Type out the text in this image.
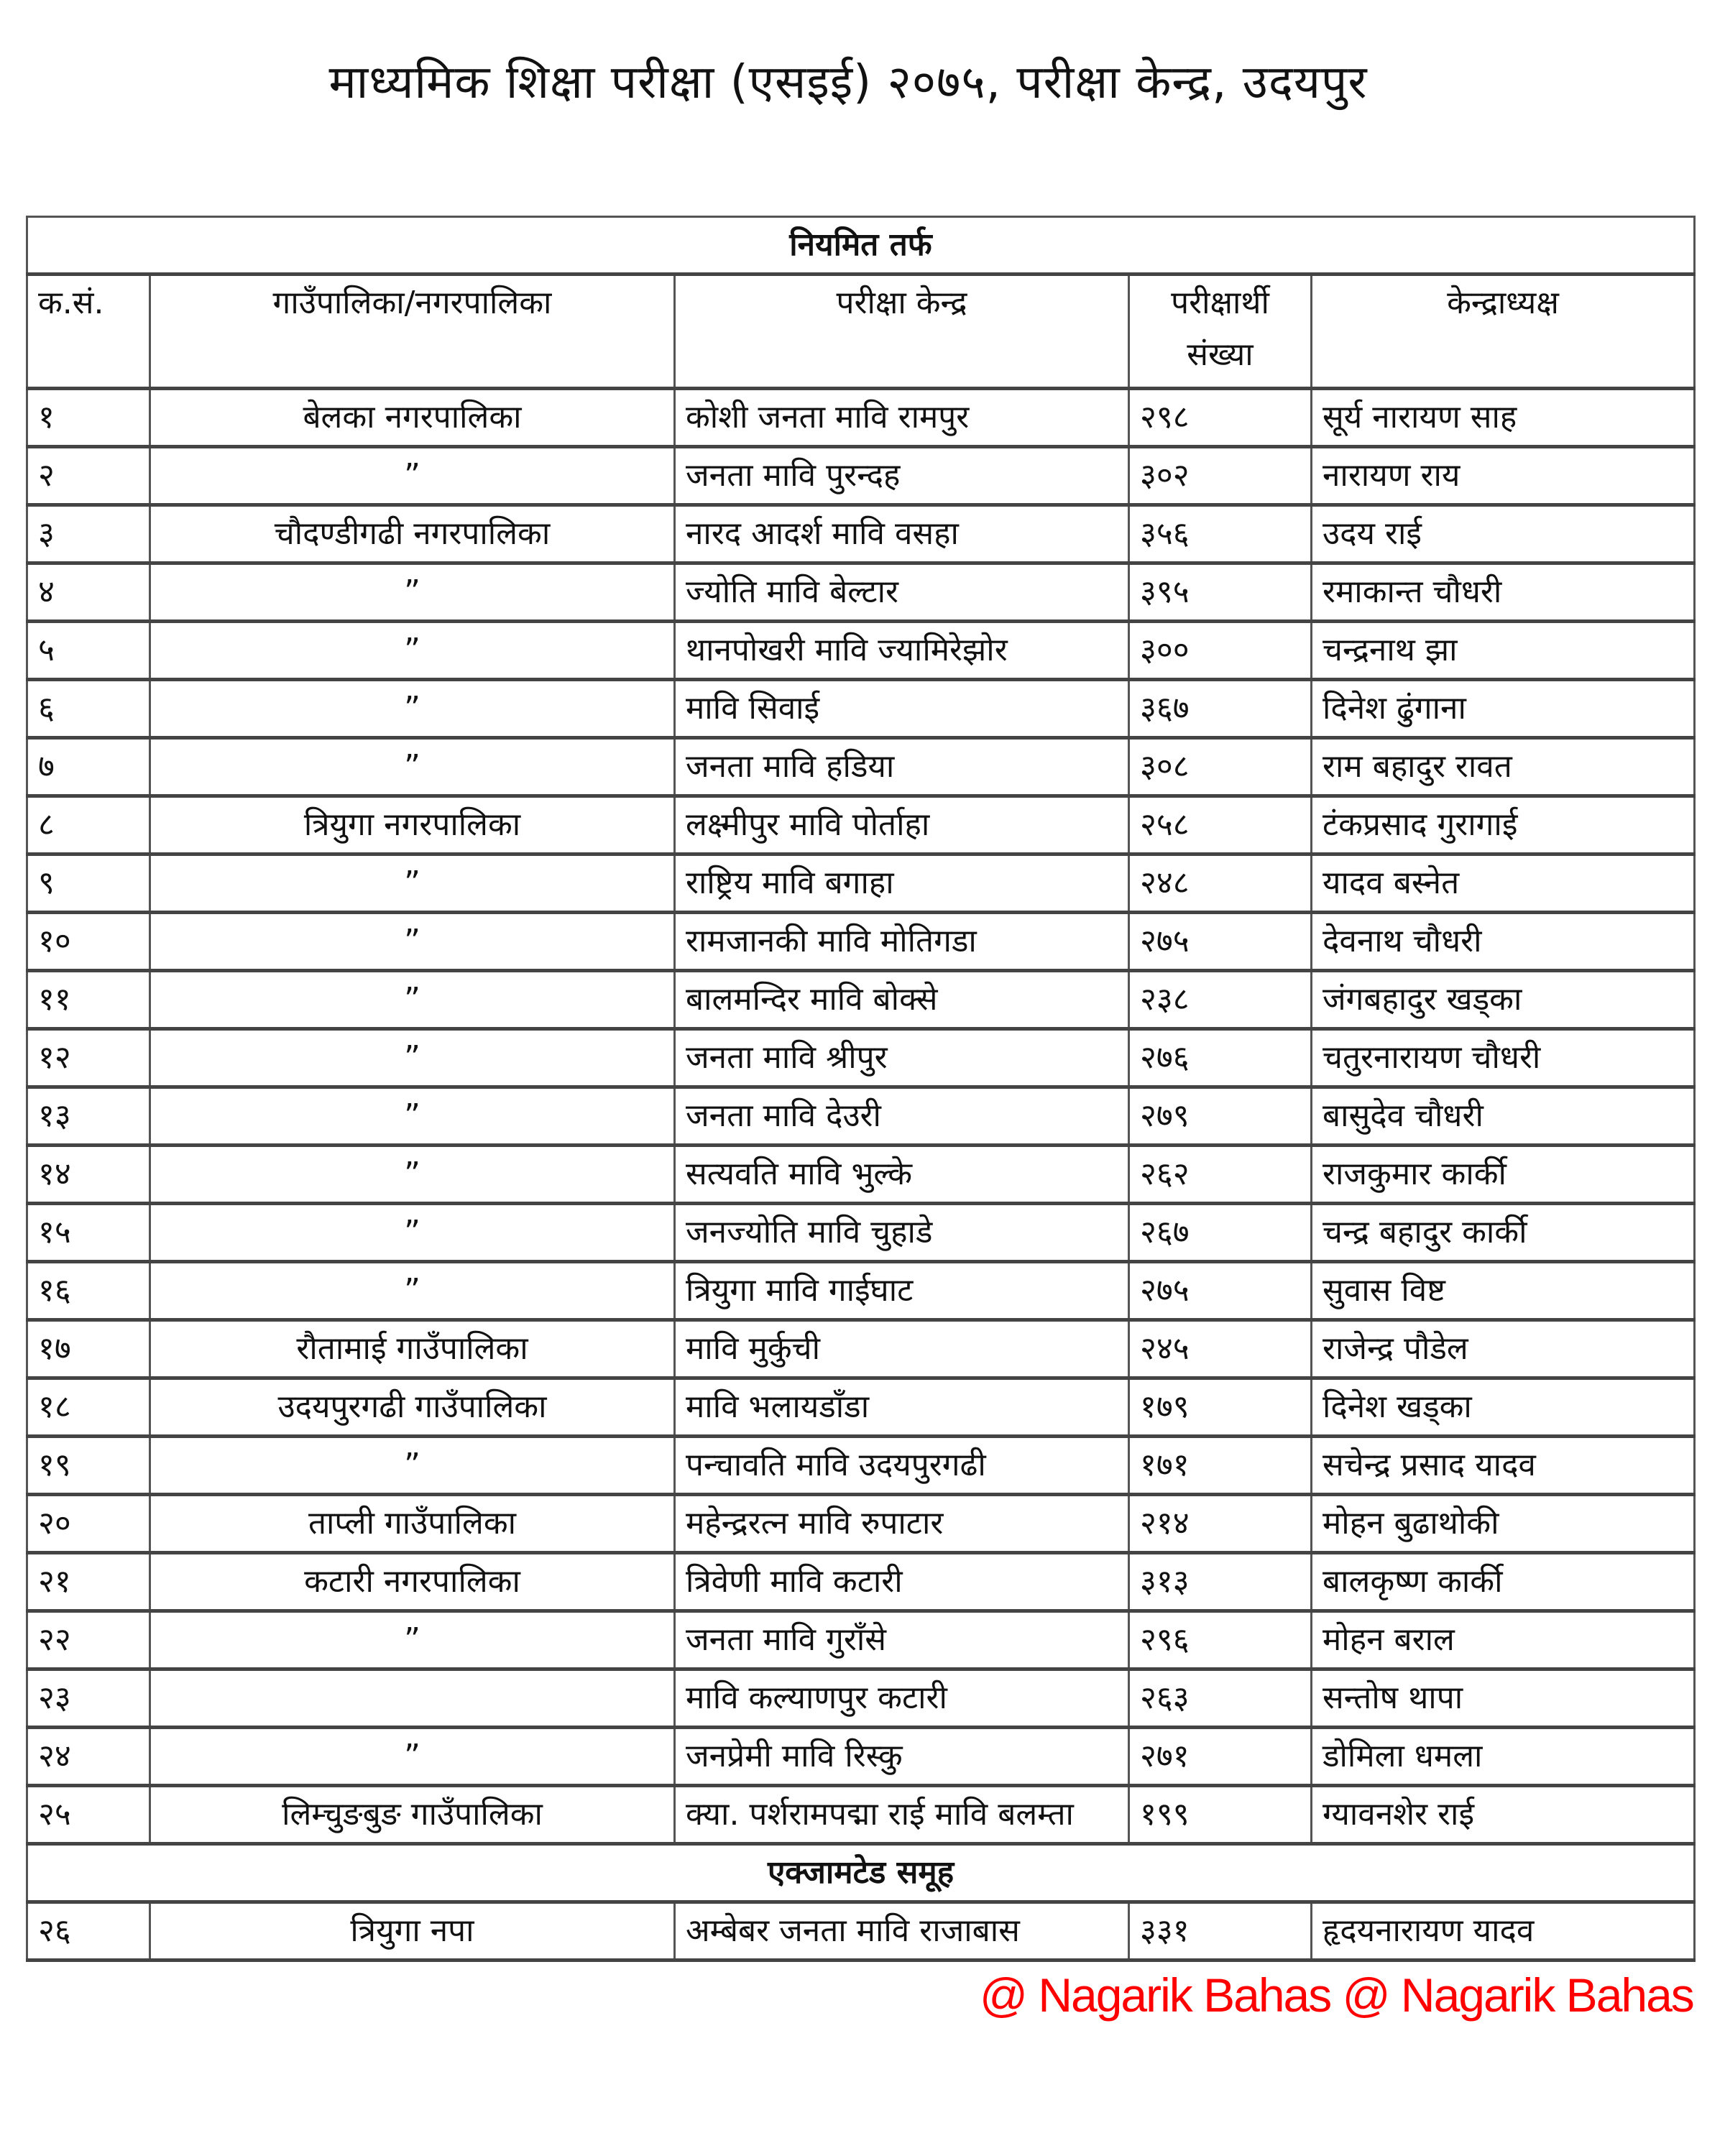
माध्यमिक शिक्षा परीक्षा (एसइई) २०७५, परीक्षा केन्द्र, उदयपुर
नियमित तर्फ				
क.सं.	गाउँपालिका/नगरपालिका	परीक्षा केन्द्र	परीक्षार्थी संख्या	केन्द्राध्यक्ष
१	बेलका नगरपालिका	कोशी जनता मावि रामपुर	२९८	सूर्य नारायण साह
२	”	जनता मावि पुरन्दह	३०२	नारायण राय
३	चौदण्डीगढी नगरपालिका	नारद आदर्श मावि वसहा	३५६	उदय राई
४	”	ज्योति मावि बेल्टार	३९५	रमाकान्त चौधरी
५	”	थानपोखरी मावि ज्यामिरेझोर	३००	चन्द्रनाथ झा
६	”	मावि सिवाई	३६७	दिनेश ढुंगाना
७	”	जनता मावि हडिया	३०८	राम बहादुर रावत
८	त्रियुगा नगरपालिका	लक्ष्मीपुर मावि पोर्ताहा	२५८	टंकप्रसाद गुरागाई
९	”	राष्ट्रिय मावि बगाहा	२४८	यादव बस्नेत
१०	”	रामजानकी मावि मोतिगडा	२७५	देवनाथ चौधरी
११	”	बालमन्दिर मावि बोक्से	२३८	जंगबहादुर खड्का
१२	”	जनता मावि श्रीपुर	२७६	चतुरनारायण चौधरी
१३	”	जनता मावि देउरी	२७९	बासुदेव चौधरी
१४	”	सत्यवति मावि भुल्के	२६२	राजकुमार कार्की
१५	”	जनज्योति मावि चुहाडे	२६७	चन्द्र बहादुर कार्की
१६	”	त्रियुगा मावि गाईघाट	२७५	सुवास विष्ट
१७	रौतामाई गाउँपालिका	मावि मुर्कुची	२४५	राजेन्द्र पौडेल
१८	उदयपुरगढी गाउँपालिका	मावि भलायडाँडा	१७९	दिनेश खड्का
१९	”	पन्चावति मावि उदयपुरगढी	१७१	सचेन्द्र प्रसाद यादव
२०	ताप्ली गाउँपालिका	महेन्द्ररत्न मावि रुपाटार	२१४	मोहन बुढाथोकी
२१	कटारी नगरपालिका	त्रिवेणी मावि कटारी	३१३	बालकृष्ण कार्की
२२	”	जनता मावि गुराँसे	२९६	मोहन बराल
२३		मावि कल्याणपुर कटारी	२६३	सन्तोष थापा
२४	”	जनप्रेमी मावि रिस्कु	२७१	डोमिला धमला
२५	लिम्चुङबुङ गाउँपालिका	क्या. पर्शरामपद्मा राई मावि बलम्ता	१९९	ग्यावनशेर राई
एक्जामटेड समूह				
२६	त्रियुगा नपा	अम्बेबर जनता मावि राजाबास	३३१	हृदयनारायण यादव
@ Nagarik Bahas @ Nagarik Bahas
